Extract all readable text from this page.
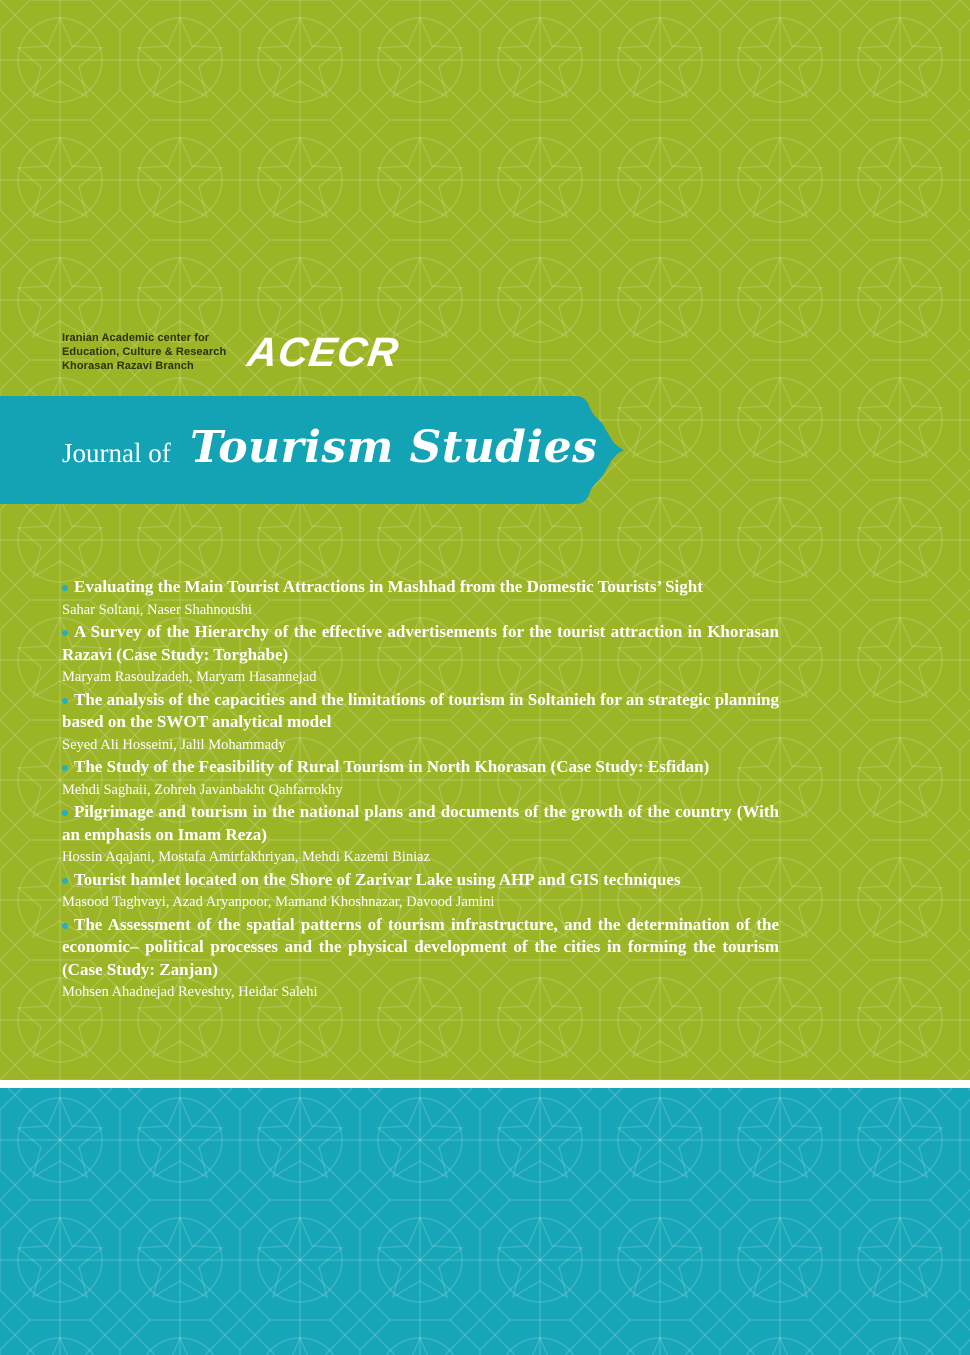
Iranian Academic center for
Education, Culture & Research
Khorasan Razavi Branch	ACECR
Journal of Tourism Studies

Evaluating the Main Tourist Attractions in Mashhad from the Domestic Tourists’ Sight

Sahar Soltani, Naser Shahnoushi

A Survey of the Hierarchy of the effective advertisements for the tourist attraction in Khorasan Razavi (Case Study: Torghabe)

Maryam Rasoulzadeh, Maryam Hasannejad

The analysis of the capacities and the limitations of tourism in Soltanieh for an strategic planning based on the SWOT analytical model

Seyed Ali Hosseini, Jalil Mohammady

The Study of the Feasibility of Rural Tourism in North Khorasan (Case Study: Esfidan)

Mehdi Saghaii, Zohreh Javanbakht Qahfarrokhy

Pilgrimage and tourism in the national plans and documents of the growth of the country (With an emphasis on Imam Reza)

Hossin Aqajani, Mostafa Amirfakhriyan, Mehdi Kazemi Biniaz

Tourist hamlet located on the Shore of Zarivar Lake using AHP and GIS techniques

Masood Taghvayi, Azad Aryanpoor, Mamand Khoshnazar, Davood Jamini

The Assessment of the spatial patterns of tourism infrastructure, and the determination of the economic– political processes and the physical development of the cities in forming the tourism (Case Study: Zanjan)

Mohsen Ahadnejad Reveshty, Heidar Salehi
